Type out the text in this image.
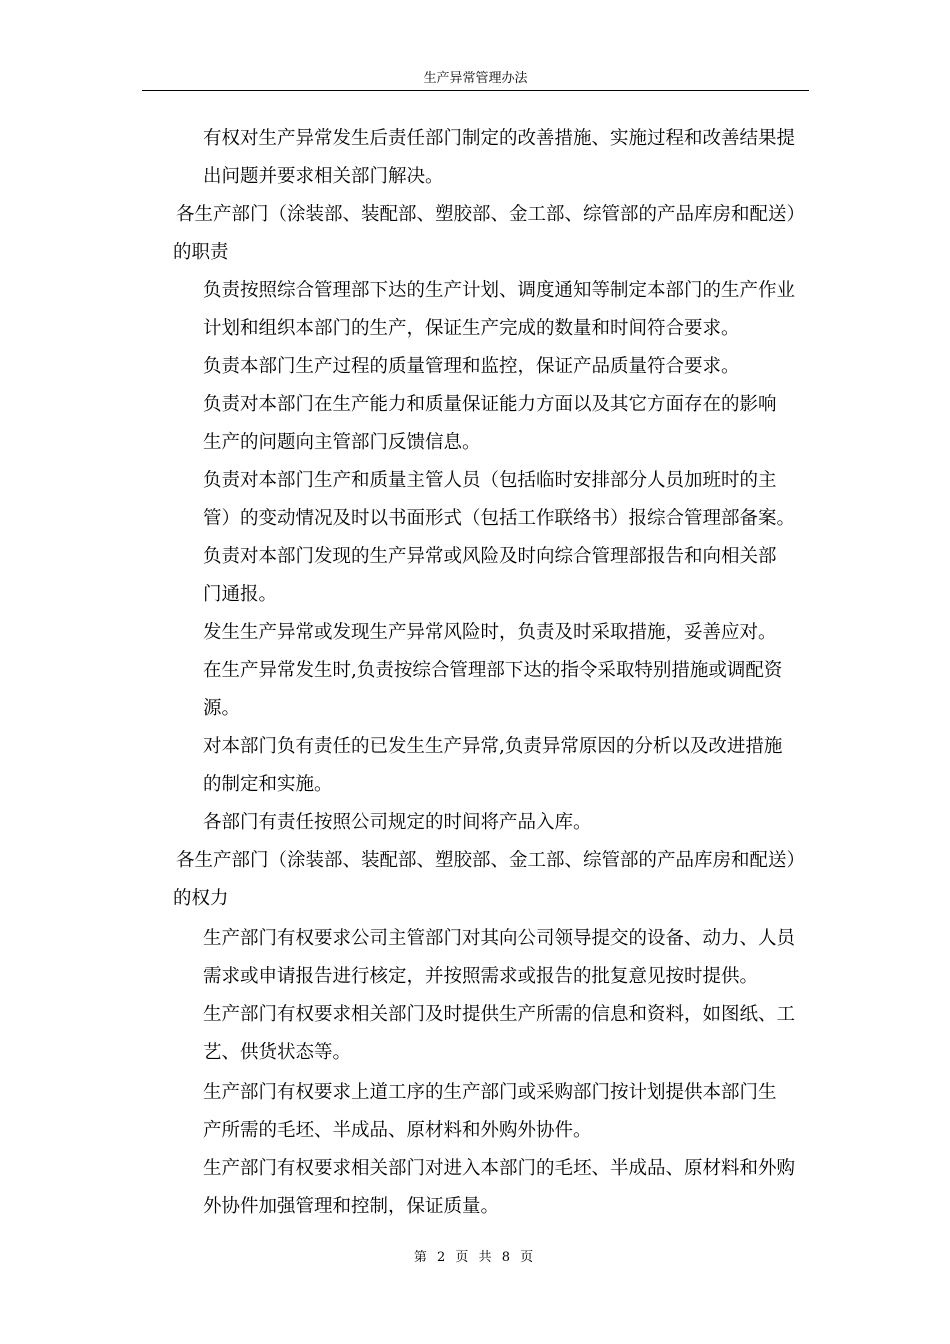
生产异常管理办法

有权对生产异常发生后责任部门制定的改善措施、实施过程和改善结果提

出问题并要求相关部门解决。

各生产部门（涂装部、装配部、塑胶部、金工部、综管部的产品库房和配送）

的职责

负责按照综合管理部下达的生产计划、调度通知等制定本部门的生产作业

计划和组织本部门的生产，保证生产完成的数量和时间符合要求。

负责本部门生产过程的质量管理和监控，保证产品质量符合要求。

负责对本部门在生产能力和质量保证能力方面以及其它方面存在的影响

生产的问题向主管部门反馈信息。

负责对本部门生产和质量主管人员（包括临时安排部分人员加班时的主

管）的变动情况及时以书面形式（包括工作联络书）报综合管理部备案。

负责对本部门发现的生产异常或风险及时向综合管理部报告和向相关部

门通报。

发生生产异常或发现生产异常风险时，负责及时采取措施，妥善应对。

在生产异常发生时,负责按综合管理部下达的指令采取特别措施或调配资

源。

对本部门负有责任的已发生生产异常,负责异常原因的分析以及改进措施

的制定和实施。

各部门有责任按照公司规定的时间将产品入库。

各生产部门（涂装部、装配部、塑胶部、金工部、综管部的产品库房和配送）

的权力

生产部门有权要求公司主管部门对其向公司领导提交的设备、动力、人员

需求或申请报告进行核定，并按照需求或报告的批复意见按时提供。

生产部门有权要求相关部门及时提供生产所需的信息和资料，如图纸、工

艺、供货状态等。

生产部门有权要求上道工序的生产部门或采购部门按计划提供本部门生

产所需的毛坯、半成品、原材料和外购外协件。

生产部门有权要求相关部门对进入本部门的毛坯、半成品、原材料和外购

外协件加强管理和控制，保证质量。

第 2 页 共 8 页
